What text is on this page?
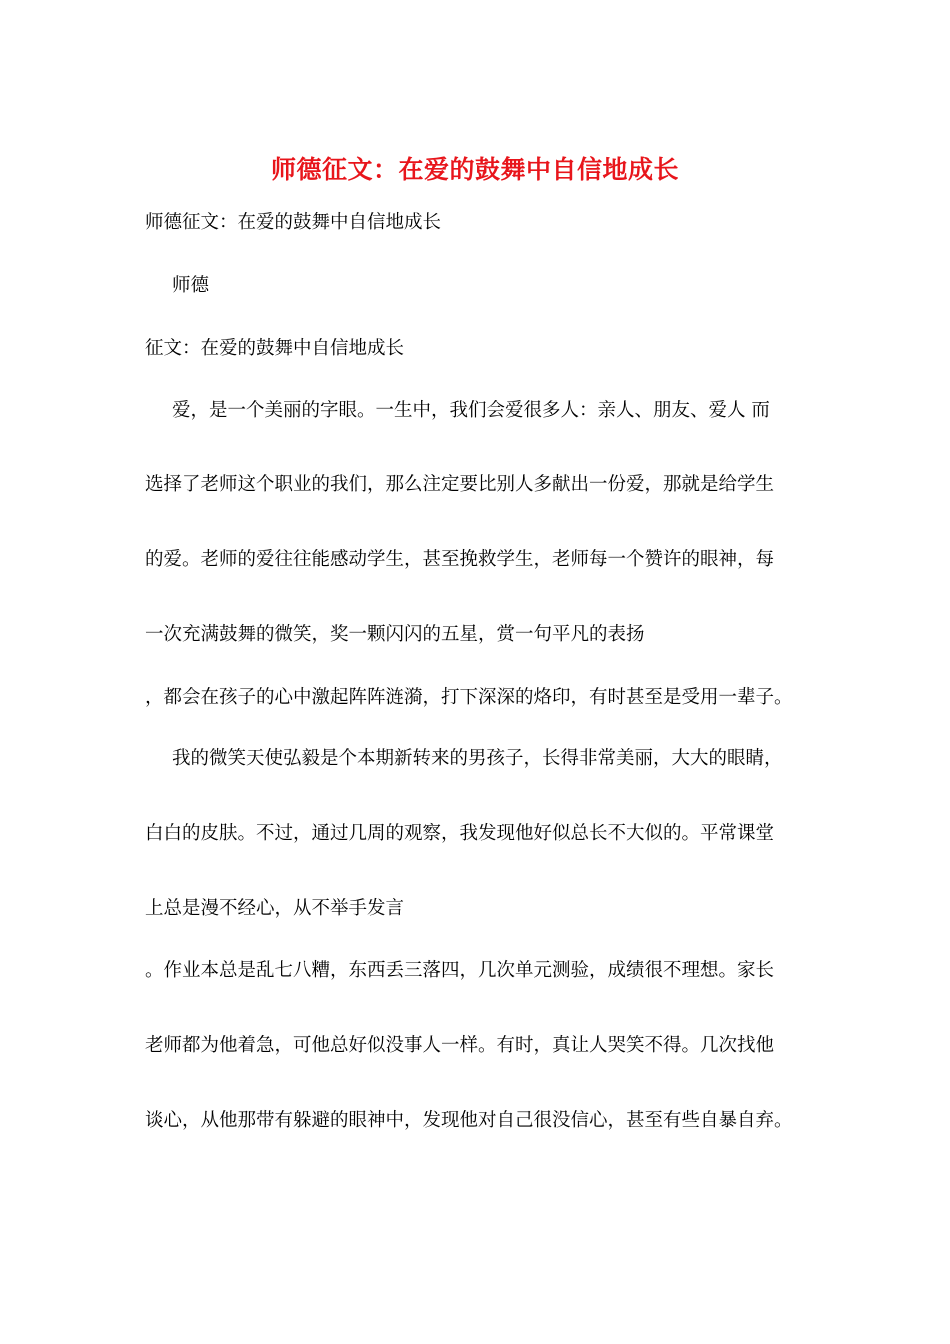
师德征文：在爱的鼓舞中自信地成长
师德征文：在爱的鼓舞中自信地成长
师德
征文：在爱的鼓舞中自信地成长
爱，是一个美丽的字眼。一生中，我们会爱很多人：亲人、朋友、爱人 而
选择了老师这个职业的我们，那么注定要比别人多献出一份爱，那就是给学生
的爱。老师的爱往往能感动学生，甚至挽救学生，老师每一个赞许的眼神，每
一次充满鼓舞的微笑，奖一颗闪闪的五星，赏一句平凡的表扬
，都会在孩子的心中激起阵阵涟漪，打下深深的烙印，有时甚至是受用一辈子。
我的微笑天使弘毅是个本期新转来的男孩子，长得非常美丽，大大的眼睛，
白白的皮肤。不过，通过几周的观察，我发现他好似总长不大似的。平常课堂
上总是漫不经心，从不举手发言
。作业本总是乱七八糟，东西丢三落四，几次单元测验，成绩很不理想。家长
老师都为他着急，可他总好似没事人一样。有时，真让人哭笑不得。几次找他
谈心，从他那带有躲避的眼神中，发现他对自己很没信心，甚至有些自暴自弃。
